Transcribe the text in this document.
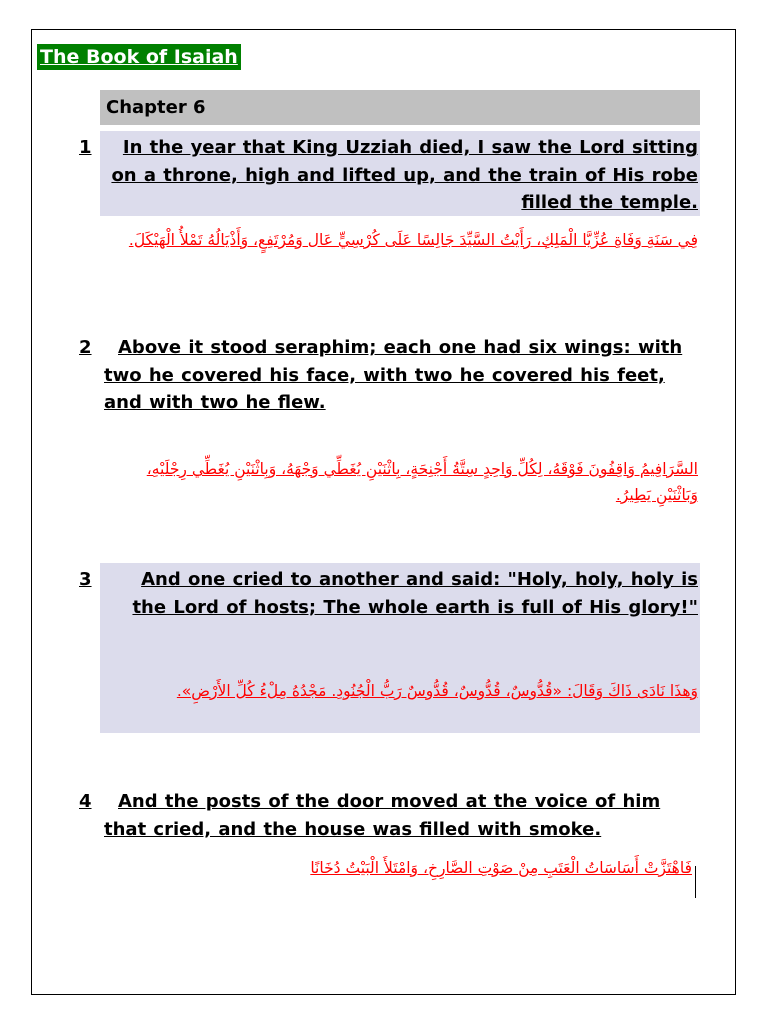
The Book of Isaiah
Chapter 6
1	In the year that King Uzziah died, I saw the Lord sitting on a throne, high and lifted up, and the train of His robe filled the temple.
فِي سَنَةِ وَفَاةِ عُزِّيَّا الْمَلِكِ، رَأَيْتُ السَّيِّدَ جَالِسًا عَلَى كُرْسِيٍّ عَال وَمُرْتَفِعٍ، وَأَذْيَالُهُ تَمْلأُ الْهَيْكَلَ.
2	Above it stood seraphim; each one had six wings: with two he covered his face, with two he covered his feet, and with two he flew.
السَّرَافِيمُ وَاقِفُونَ فَوْقَهُ، لِكُلِّ وَاحِدٍ سِتَّةُ أَجْنِحَةٍ، بِاثْنَيْنِ يُغَطِّي وَجْهَهُ، وَبِاثْنَيْنِ يُغَطِّي رِجْلَيْهِ، وَبَاثْنَيْنِ يَطِيرُ.
3	And one cried to another and said: "Holy, holy, holy is the Lord of hosts; The whole earth is full of His glory!"
وَهذَا نَادَى ذَاكَ وَقَالَ: «قُدُّوسٌ، قُدُّوسٌ، قُدُّوسٌ رَبُّ الْجُنُودِ. مَجْدُهُ مِلْءُ كُلِّ الأَرْضِ».
4	And the posts of the door moved at the voice of him that cried, and the house was filled with smoke.
فَاهْتَزَّتْ أَسَاسَاتُ الْعَتَبِ مِنْ صَوْتِ الصَّارِخِ، وَامْتَلأَ الْبَيْتُ دُخَانًا
